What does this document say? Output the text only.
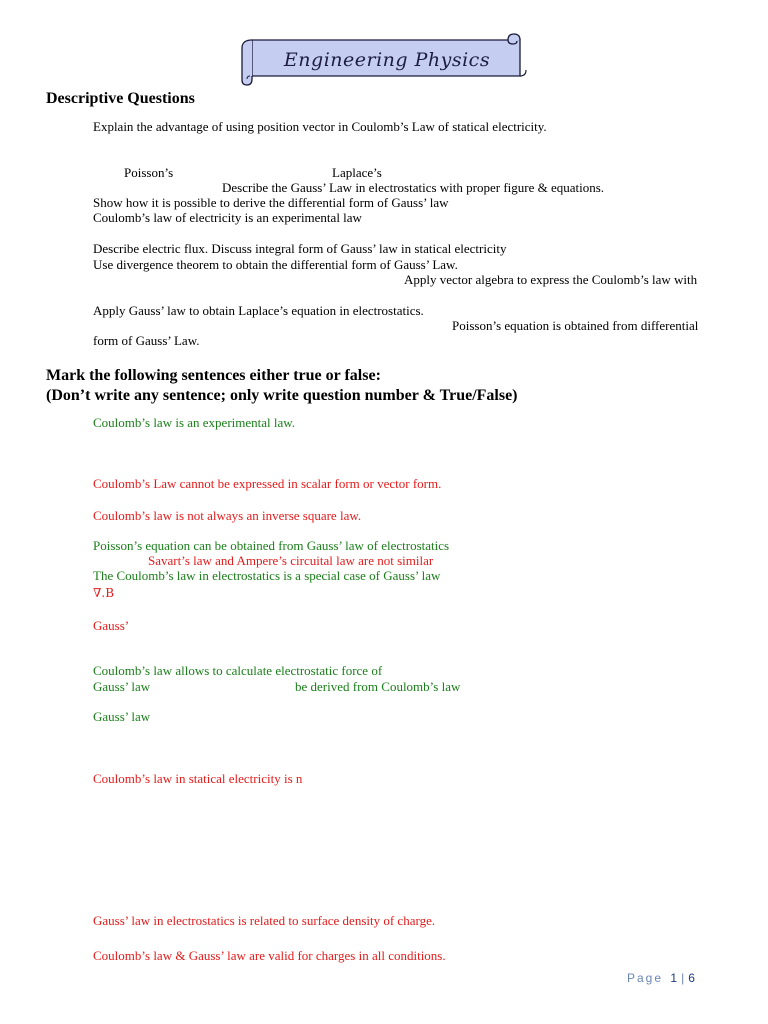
Engineering Physics
Descriptive Questions
Explain the advantage of using position vector in Coulomb’s Law of statical electricity.
Poisson’s	Laplace’s
Describe the Gauss’ Law in electrostatics with proper figure & equations.
Show how it is possible to derive the differential form of Gauss’ law
Coulomb’s law of electricity is an experimental law
Describe electric flux. Discuss integral form of Gauss’ law in statical electricity
Use divergence theorem to obtain the differential form of Gauss’ Law.
Apply vector algebra to express the Coulomb’s law with
Apply Gauss’ law to obtain Laplace’s equation in electrostatics.
Poisson’s equation is obtained from differential
form of Gauss’ Law.
Mark the following sentences either true or false:
(Don’t write any sentence; only write question number & True/False)
Coulomb’s law is an experimental law.
Coulomb’s Law cannot be expressed in scalar form or vector form.
Coulomb’s law is not always an inverse square law.
Poisson’s equation can be obtained from Gauss’ law of electrostatics
Savart’s law and Ampere’s circuital law are not similar
The Coulomb’s law in electrostatics is a special case of Gauss’ law
∇.B
Gauss’
Coulomb’s law allows to calculate electrostatic force of
Gauss’ law	be derived from Coulomb’s law
Gauss’ law
Coulomb’s law in statical electricity is n
Gauss’ law in electrostatics is related to surface density of charge.
Coulomb’s law & Gauss’ law are valid for charges in all conditions.
Page 1 | 6
